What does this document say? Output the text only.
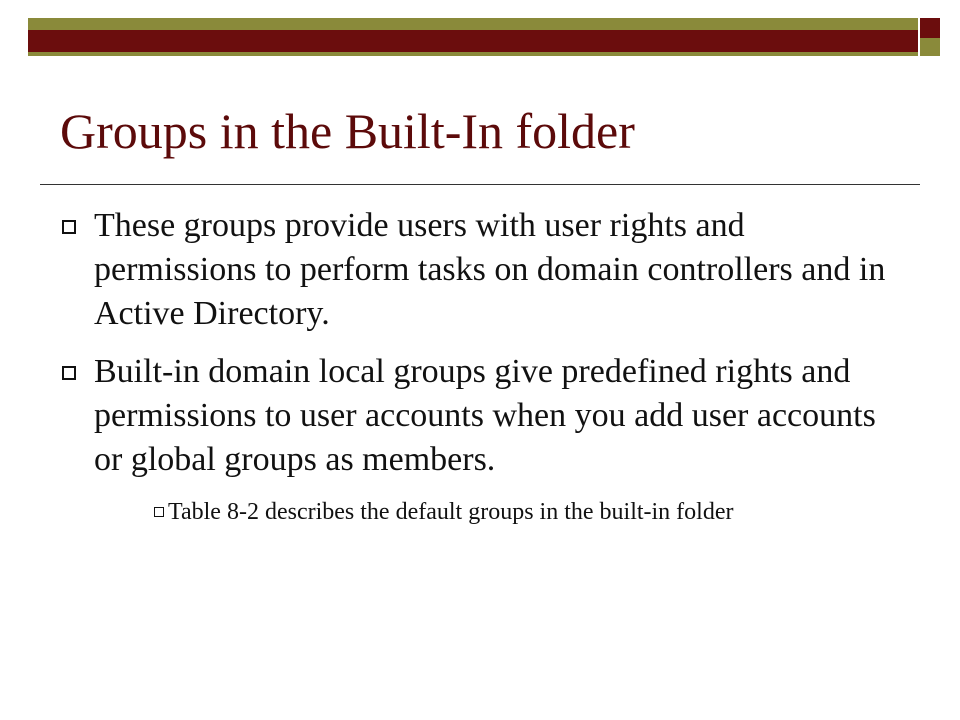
Groups in the Built-In folder
These groups provide users with user rights and permissions to perform tasks on domain controllers and in Active Directory.
Built-in domain local groups give predefined rights and permissions to user accounts when you add user accounts or global groups as members.
Table 8-2 describes the default groups in the built-in folder
